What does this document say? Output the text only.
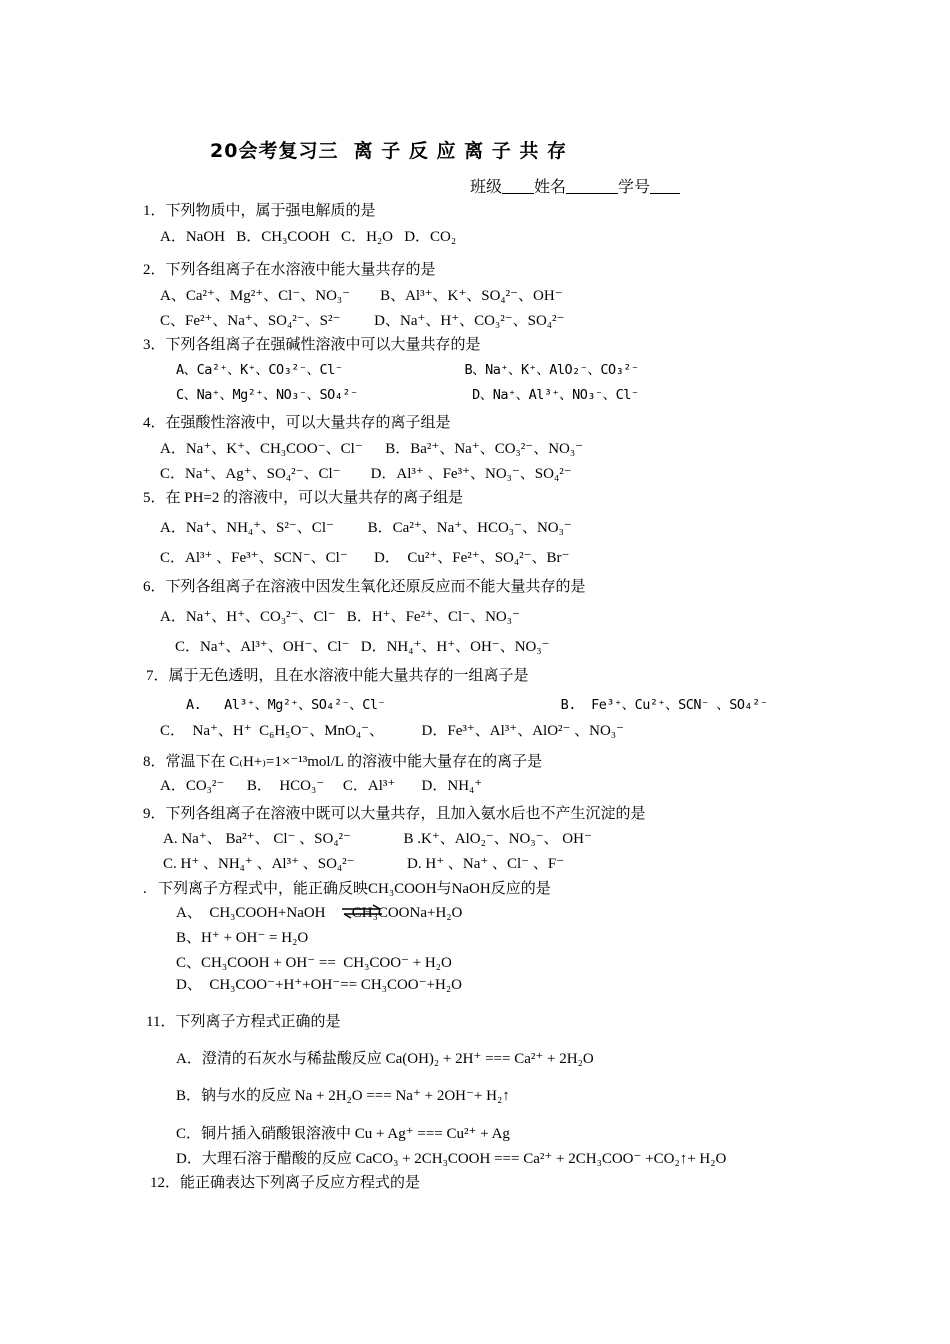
20会考复习三  离 子 反 应 离 子 共 存
班级 姓名	学号
1．下列物质中，属于强电解质的是
A．NaOH   B．CH₃COOH   C．H₂O   D．CO₂
2．下列各组离子在水溶液中能大量共存的是
A、Ca²⁺、Mg²⁺、Cl⁻、NO₃⁻        B、Al³⁺、K⁺、SO₄²⁻、OH⁻
C、Fe²⁺、Na⁺、SO₄²⁻、S²⁻         D、Na⁺、H⁺、CO₃²⁻、SO₄²⁻
3．下列各组离子在强碱性溶液中可以大量共存的是
A、Ca²⁺、K⁺、CO₃²⁻、Cl⁻                B、Na⁺、K⁺、AlO₂⁻、CO₃²⁻
C、Na⁺、Mg²⁺、NO₃⁻、SO₄²⁻               D、Na⁺、Al³⁺、NO₃⁻、Cl⁻
4．在强酸性溶液中，可以大量共存的离子组是
A．Na⁺、K⁺、CH₃COO⁻、Cl⁻      B．Ba²⁺、Na⁺、CO₃²⁻、NO₃⁻
C．Na⁺、Ag⁺、SO₄²⁻、Cl⁻        D．Al³⁺ 、Fe³⁺、NO₃⁻、SO₄²⁻
5．在 PH=2 的溶液中，可以大量共存的离子组是
A．Na⁺、NH₄⁺、S²⁻、Cl⁻         B．Ca²⁺、Na⁺、HCO₃⁻、NO₃⁻
C．Al³⁺ 、Fe³⁺、SCN⁻、Cl⁻       D．  Cu²⁺、Fe²⁺、SO₄²⁻、Br⁻
6．下列各组离子在溶液中因发生氧化还原反应而不能大量共存的是
A．Na⁺、H⁺、CO₃²⁻、Cl⁻   B．H⁺、Fe²⁺、Cl⁻、NO₃⁻
C．Na⁺、Al³⁺、OH⁻、Cl⁻   D．NH₄⁺、H⁺、OH⁻、NO₃⁻
7．属于无色透明，且在水溶液中能大量共存的一组离子是
A.   Al³⁺、Mg²⁺、SO₄²⁻、Cl⁻                       B.  Fe³⁺、Cu²⁺、SCN⁻ 、SO₄²⁻
C．  Na⁺、H⁺  C₆H₅O⁻、MnO₄⁻、          D．Fe³⁺、Al³⁺、AlO²⁻ 、NO₃⁻
8．常温下在 C₍H+₎=1×⁻¹³mol/L 的溶液中能大量存在的离子是
A．CO₃²⁻      B．  HCO₃⁻     C．Al³⁺       D．NH₄⁺
9．下列各组离子在溶液中既可以大量共存，且加入氨水后也不产生沉淀的是
A. Na⁺、 Ba²⁺、 Cl⁻ 、SO₄²⁻              B .K⁺、AlO₂⁻、NO₃⁻、 OH⁻
C. H⁺ 、NH₄⁺ 、Al³⁺ 、SO₄²⁻              D. H⁺ 、Na⁺ 、Cl⁻ 、F⁻
.   下列离子方程式中，能正确反映CH₃COOH与NaOH反应的是
A、  CH₃COOH+NaOH       CH₃COONa+H₂O
B、H⁺ + OH⁻ = H₂O
C、CH₃COOH + OH⁻ ==  CH₃COO⁻ + H₂O
D、  CH₃COO⁻+H⁺+OH⁻== CH₃COO⁻+H₂O
11．下列离子方程式正确的是
A．澄清的石灰水与稀盐酸反应 Ca(OH)₂ + 2H⁺ === Ca²⁺ + 2H₂O
B．钠与水的反应 Na + 2H₂O === Na⁺ + 2OH⁻+ H₂↑
C．铜片插入硝酸银溶液中 Cu + Ag⁺ === Cu²⁺ + Ag
D．大理石溶于醋酸的反应 CaCO₃ + 2CH₃COOH === Ca²⁺ + 2CH₃COO⁻ +CO₂↑+ H₂O
12．能正确表达下列离子反应方程式的是
